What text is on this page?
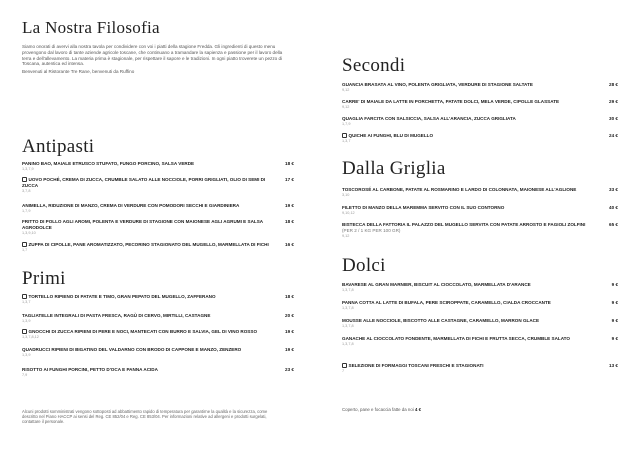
La Nostra Filosofia

Siamo onorati di avervi alla nostra tavola per condividere con voi i piatti della stagione Fredda. Gli ingredienti di questo menu provengono dal lavoro di tante aziende agricole toscane, che continuano a tramandare la sapienza e passione per il lavoro della terra e dell'allevamento. La materia prima è stagionale, per rispettare il sapore e le tradizioni. In ogni piatto troverete un pezzo di Toscana, autentica ed intensa.

Benvenuti al Ristorante Tre Rane, benvenuti da Ruffino

Antipasti
18 €
PANINO BAO, MAIALE ETRUSCO STUFATO, FUNGO PORCINO, SALSA VERDE
1,3,7,9
17 €
UOVO POCHÉ, CREMA DI ZUCCA, CRUMBLE SALATO ALLE NOCCIOLE, PORRI GRIGLIATI, OLIO DI SEMI DI ZUCCA
3,7,8
19 €
ANIMELLA, RIDUZIONE DI MANZO, CREMA DI VERDURE CON POMODORI SECCHI E GIARDINIERA
1,7,9
18 €
FRITTO DI POLLO AGLI AROMI, POLENTA E VERDURE DI STAGIONE CON MAIONESE AGLI AGRUMI E SALSA AGRODOLCE
1,3,9,10
16 €
ZUPPA DI CIPOLLE, PANE AROMATIZZATO, PECORINO STAGIONATO DEL MUGELLO, MARMELLATA DI FICHI
1,7
Primi
18 €
TORTELLO RIPIENO DI PATATE E TIMO, GRAN PEPATO DEL MUGELLO, ZAFFERANO
1,3,7
20 €
TAGLIATELLE INTEGRALI DI PASTA FRESCA, RAGÙ DI CERVO, MIRTILLI, CASTAGNE
1,3,9
19 €
GNOCCHI DI ZUCCA RIPIENI DI PERE E NOCI, MANTECATI CON BURRO E SALVIA, GEL DI VINO ROSSO
1,3,7,8,12
19 €
QUADRUCCI RIPIENI DI BIGATINO DEL VALDARNO CON BRODO DI CAPPONE E MANZO, ZENZERO
1,3,9
23 €
RISOTTO AI FUNGHI PORCINI, PETTO D'OCA E PANNA ACIDA
7,9
Alcuni prodotti somministrati vengono sottoposti ad abbattimento rapido di temperatura per garantirne la qualità e la sicurezza, come descritto nel Piano HACCP ai sensi del Reg. CE 852/04 e Reg. CE 853/04. Per informazioni relative ad allergeni e prodotti surgelati, contattare il personale.
Secondi
28 €
GUANCIA BRASATA AL VINO, POLENTA GRIGLIATA, VERDURE DI STAGIONE SALTATE
9,12
29 €
CARRE' DI MAIALE DA LATTE IN PORCHETTA, PATATE DOLCI, MELA VERDE, CIPOLLE GLASSATE
9,12
30 €
QUAGLIA FARCITA CON SALSICCIA, SALSA ALL'ARANCIA, ZUCCA GRIGLIATA
1,7,9
24 €
QUICHE AI FUNGHI, BLU DI MUGELLO
1,3,7
Dalla Griglia
33 €
TOSCOROSÉ AL CARBONE, PATATE AL ROSMARINO E LARDO DI COLONNATA, MAIONESE ALL'AGLIONE
3,10
40 €
FILETTO DI MANZO DELLA MAREMMA SERVITO CON IL SUO CONTORNO
9,10,12
65 €
BISTECCA DELLA FATTORIA IL PALAZZO DEL MUGELLO SERVITA CON PATATE ARROSTO E FAGIOLI ZOLFINI (PER 2 / 1 KG PER 100 GR)
9,12
Dolci
9 €
BAVARESE AL GRAN MARNIER, BISCUIT AL CIOCCOLATO, MARMELLATA D'ARANCE
1,3,7,8
9 €
PANNA COTTA AL LATTE DI BUFALA, PERE SCIROPPATE, CARAMELLO, CIALDA CROCCANTE
1,3,7,8
9 €
MOUSSE ALLE NOCCIOLE, BISCOTTO ALLE CASTAGNE, CARAMELLO, MARRON GLACE
1,3,7,8
9 €
GANACHE AL CIOCCOLATO FONDENTE, MARMELLATA DI FICHI E FRUTTA SECCA, CRUMBLE SALATO
1,3,7,8
13 €
SELEZIONE DI FORMAGGI TOSCANI FRESCHI E STAGIONATI
7
Coperto, pane e focaccia fatte da noi 4 €
